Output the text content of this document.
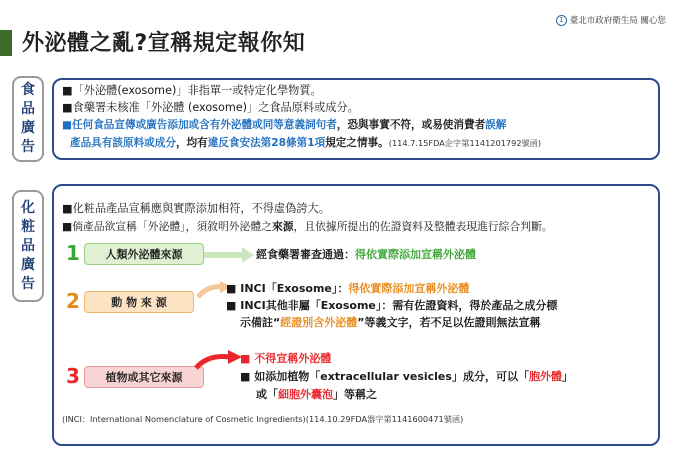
外泌體之亂?宣稱規定報你知
1 臺北市政府衛生局 關心您
食
品
廣
告
■「外泌體(exosome)」非指單一或特定化學物質。
■食藥署未核准「外泌體 (exosome)」之食品原料或成分。
■任何食品宣傳或廣告添加或含有外泌體或同等意義詞句者，恐與事實不符，或易使消費者誤解
產品具有該原料或成分，均有違反食安法第28條第1項規定之情事。(114.7.15FDA企字第1141201792號函)
化
粧
品
廣
告
■化粧品產品宣稱應與實際添加相符，不得虛偽誇大。
■倘產品欲宣稱「外泌體」，須敘明外泌體之來源，且依據所提出的佐證資料及整體表現進行綜合判斷。
1	人類外泌體來源	經食藥署審查通過：得依實際添加宣稱外泌體
2	動 物 來 源
■ INCI「Exosome」：得依實際添加宣稱外泌體
■ INCI其他非屬「Exosome」：需有佐證資料，得於產品之成分標
示備註“經證別含外泌體”等義文字，若不足以佐證則無法宣稱
3	植物或其它來源
■ 不得宣稱外泌體
■ 如添加植物「extracellular vesicles」成分，可以「胞外體」
或「細胞外囊泡」等稱之
(INCI：International Nomenclature of Cosmetic Ingredients)(114.10.29FDA器字第1141600471號函)
